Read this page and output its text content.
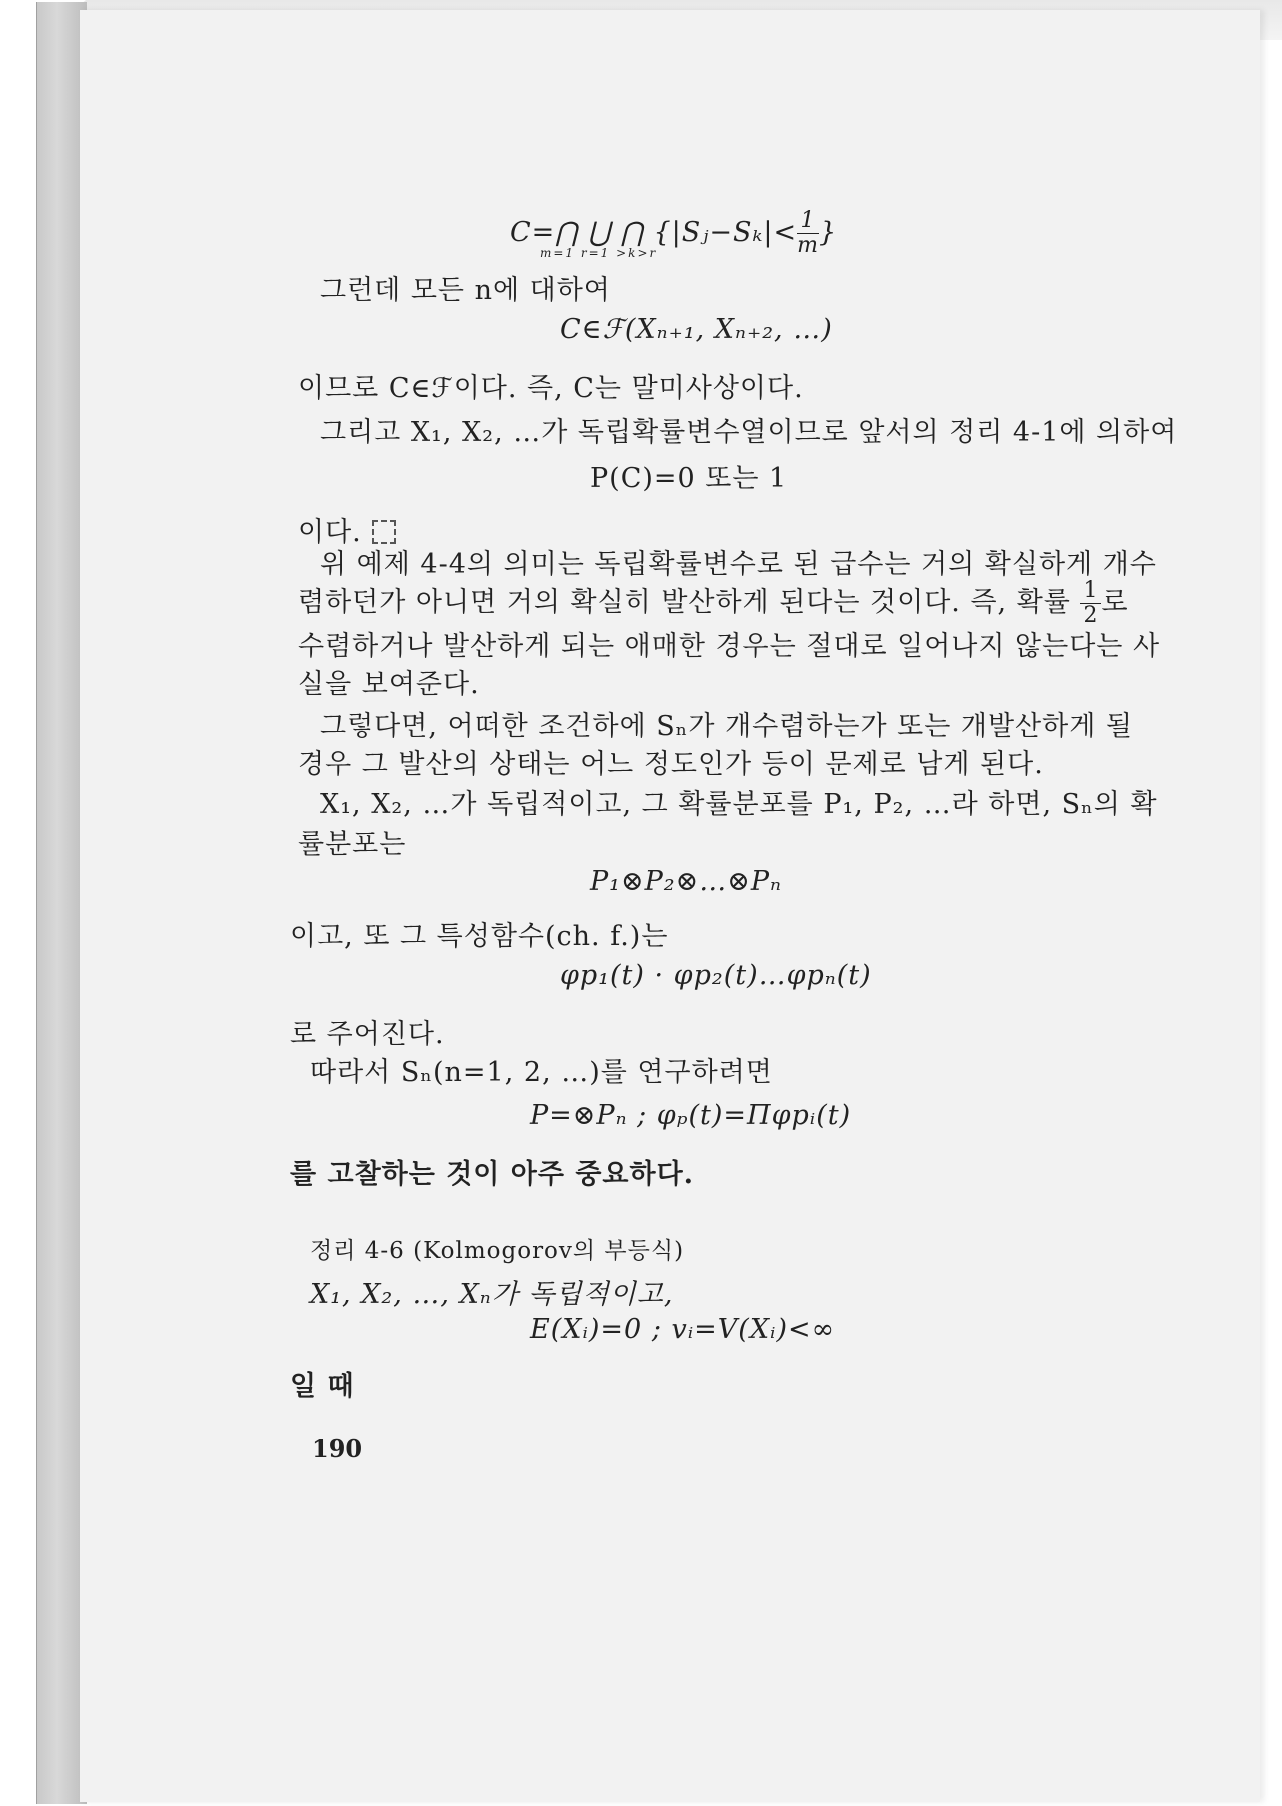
C=⋂ ⋃ ⋂ {|Sⱼ−Sₖ|< $\frac{1}{m}$ }
m=1 r=1 >k>r
그런데 모든 n에 대하여
C∈ℱ(Xₙ₊₁, Xₙ₊₂, …)
이므로 C∈ℱ이다. 즉, C는 말미사상이다.
그리고 X₁, X₂, …가 독립확률변수열이므로 앞서의 정리 4-1에 의하여
P(C)=0 또는 1
이다.
위 예제 4-4의 의미는 독립확률변수로 된 급수는 거의 확실하게 개수
렴하던가 아니면 거의 확실히 발산하게 된다는 것이다. 즉, 확률 $\frac{1}{2}$ 로
수렴하거나 발산하게 되는 애매한 경우는 절대로 일어나지 않는다는 사
실을 보여준다.
그렇다면, 어떠한 조건하에 Sₙ가 개수렴하는가 또는 개발산하게 될
경우 그 발산의 상태는 어느 정도인가 등이 문제로 남게 된다.
X₁, X₂, …가 독립적이고, 그 확률분포를 P₁, P₂, …라 하면, Sₙ의 확
률분포는
P₁⊗P₂⊗…⊗Pₙ
이고, 또 그 특성함수(ch. f.)는
φp₁(t) · φp₂(t)…φpₙ(t)
로 주어진다.
따라서 Sₙ(n=1, 2, …)를 연구하려면
P=⊗Pₙ ; φₚ(t)=Πφpᵢ(t)
를 고찰하는 것이 아주 중요하다.
정리 4-6 (Kolmogorov의 부등식)
X₁, X₂, …, Xₙ가 독립적이고,
E(Xᵢ)=0 ; vᵢ=V(Xᵢ)<∞
일 때
190
